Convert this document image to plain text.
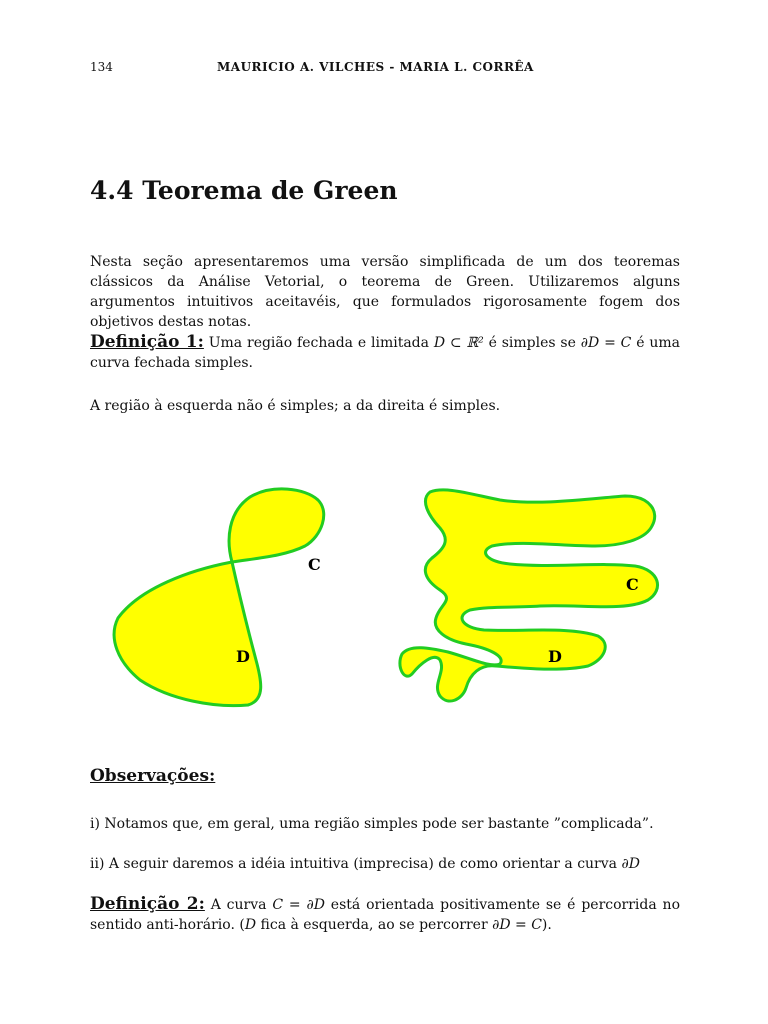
134	MAURICIO A. VILCHES - MARIA L. CORRÊA
4.4 Teorema de Green

Nesta seção apresentaremos uma versão simplificada de um dos teoremas clássicos da Análise Vetorial, o teorema de Green. Utilizaremos alguns argumentos intuitivos aceitavéis, que formulados rigorosamente fogem dos objetivos destas notas.

Definição 1: Uma região fechada e limitada D ⊂ ℝ² é simples se ∂D = C é uma curva fechada simples.

A região à esquerda não é simples; a da direita é simples.

C
D
C
D
Observações:

i) Notamos que, em geral, uma região simples pode ser bastante ”complicada”.

ii) A seguir daremos a idéia intuitiva (imprecisa) de como orientar a curva ∂D

Definição 2: A curva C = ∂D está orientada positivamente se é percorrida no sentido anti-horário. (D fica à esquerda, ao se percorrer ∂D = C).
